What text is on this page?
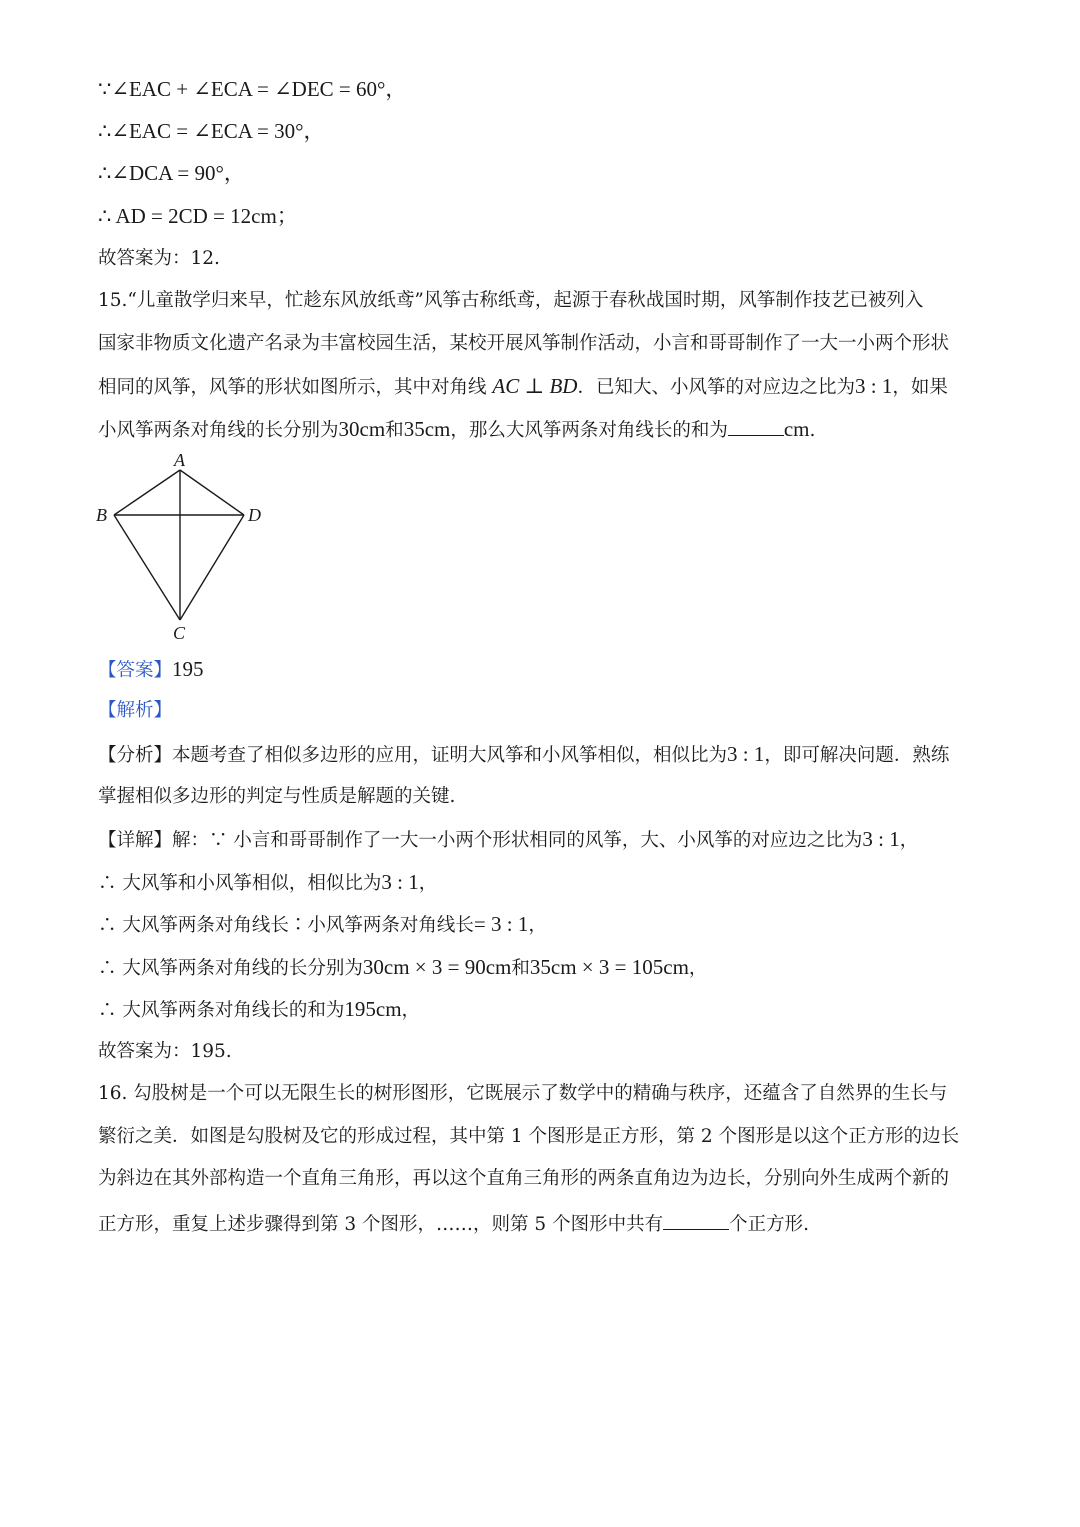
∵∠EAC + ∠ECA = ∠DEC = 60°，
∴∠EAC = ∠ECA = 30°，
∴∠DCA = 90°，
∴ AD = 2CD = 12cm；
故答案为：12.
15.“儿童散学归来早，忙趁东风放纸鸢”风筝古称纸鸢，起源于春秋战国时期，风筝制作技艺已被列入
国家非物质文化遗产名录为丰富校园生活，某校开展风筝制作活动，小言和哥哥制作了一大一小两个形状
相同的风筝，风筝的形状如图所示，其中对角线 AC ⊥ BD．已知大、小风筝的对应边之比为3 : 1，如果
小风筝两条对角线的长分别为30cm和35cm，那么大风筝两条对角线长的和为	cm.
A
B	D
C
【答案】195
【解析】
【分析】本题考查了相似多边形的应用，证明大风筝和小风筝相似，相似比为3 : 1，即可解决问题．熟练
掌握相似多边形的判定与性质是解题的关键.
【详解】解：∵ 小言和哥哥制作了一大一小两个形状相同的风筝，大、小风筝的对应边之比为3 : 1，
∴ 大风筝和小风筝相似，相似比为3 : 1，
∴ 大风筝两条对角线长∶小风筝两条对角线长= 3 : 1，
∴ 大风筝两条对角线的长分别为30cm × 3 = 90cm和35cm × 3 = 105cm，
∴ 大风筝两条对角线长的和为195cm，
故答案为：195.
16. 勾股树是一个可以无限生长的树形图形，它既展示了数学中的精确与秩序，还蕴含了自然界的生长与
繁衍之美．如图是勾股树及它的形成过程，其中第 1 个图形是正方形，第 2 个图形是以这个正方形的边长
为斜边在其外部构造一个直角三角形，再以这个直角三角形的两条直角边为边长，分别向外生成两个新的
正方形，重复上述步骤得到第 3 个图形，……，则第 5 个图形中共有	个正方形.
